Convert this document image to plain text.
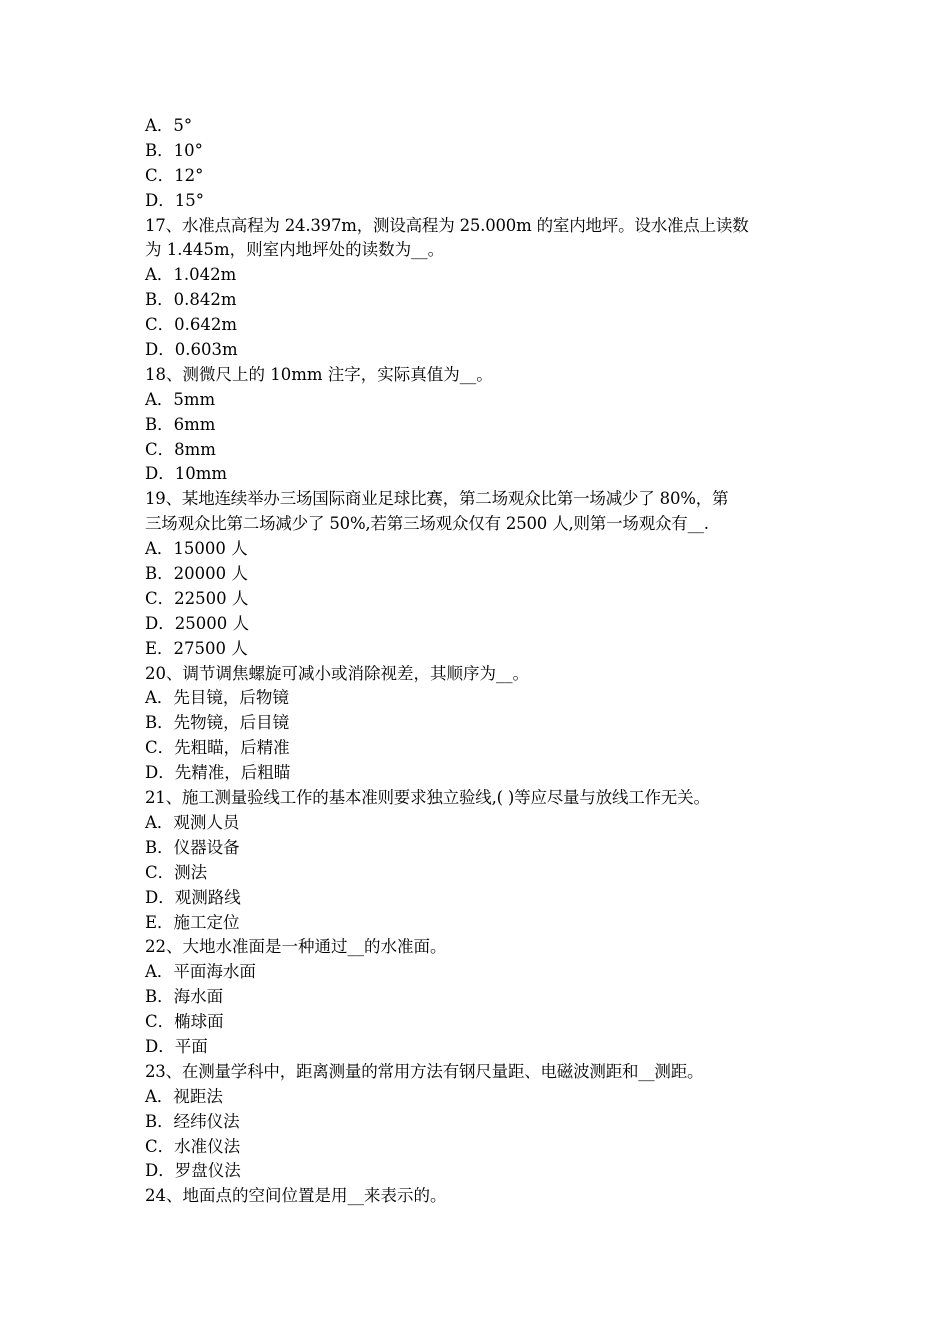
A．5°
B．10°
C．12°
D．15°
17、水准点高程为 24.397m，测设高程为 25.000m 的室内地坪。设水准点上读数
为 1.445m，则室内地坪处的读数为__。
A．1.042m
B．0.842m
C．0.642m
D．0.603m
18、测微尺上的 10mm 注字，实际真值为__。
A．5mm
B．6mm
C．8mm
D．10mm
19、某地连续举办三场国际商业足球比赛，第二场观众比第一场减少了 80%，第
三场观众比第二场减少了 50%,若第三场观众仅有 2500 人,则第一场观众有__.
A．15000 人
B．20000 人
C．22500 人
D．25000 人
E．27500 人
20、调节调焦螺旋可减小或消除视差，其顺序为__。
A．先目镜，后物镜
B．先物镜，后目镜
C．先粗瞄，后精准
D．先精准，后粗瞄
21、施工测量验线工作的基本准则要求独立验线,( )等应尽量与放线工作无关。
A．观测人员
B．仪器设备
C．测法
D．观测路线
E．施工定位
22、大地水准面是一种通过__的水准面。
A．平面海水面
B．海水面
C．椭球面
D．平面
23、在测量学科中，距离测量的常用方法有钢尺量距、电磁波测距和__测距。
A．视距法
B．经纬仪法
C．水准仪法
D．罗盘仪法
24、地面点的空间位置是用__来表示的。
